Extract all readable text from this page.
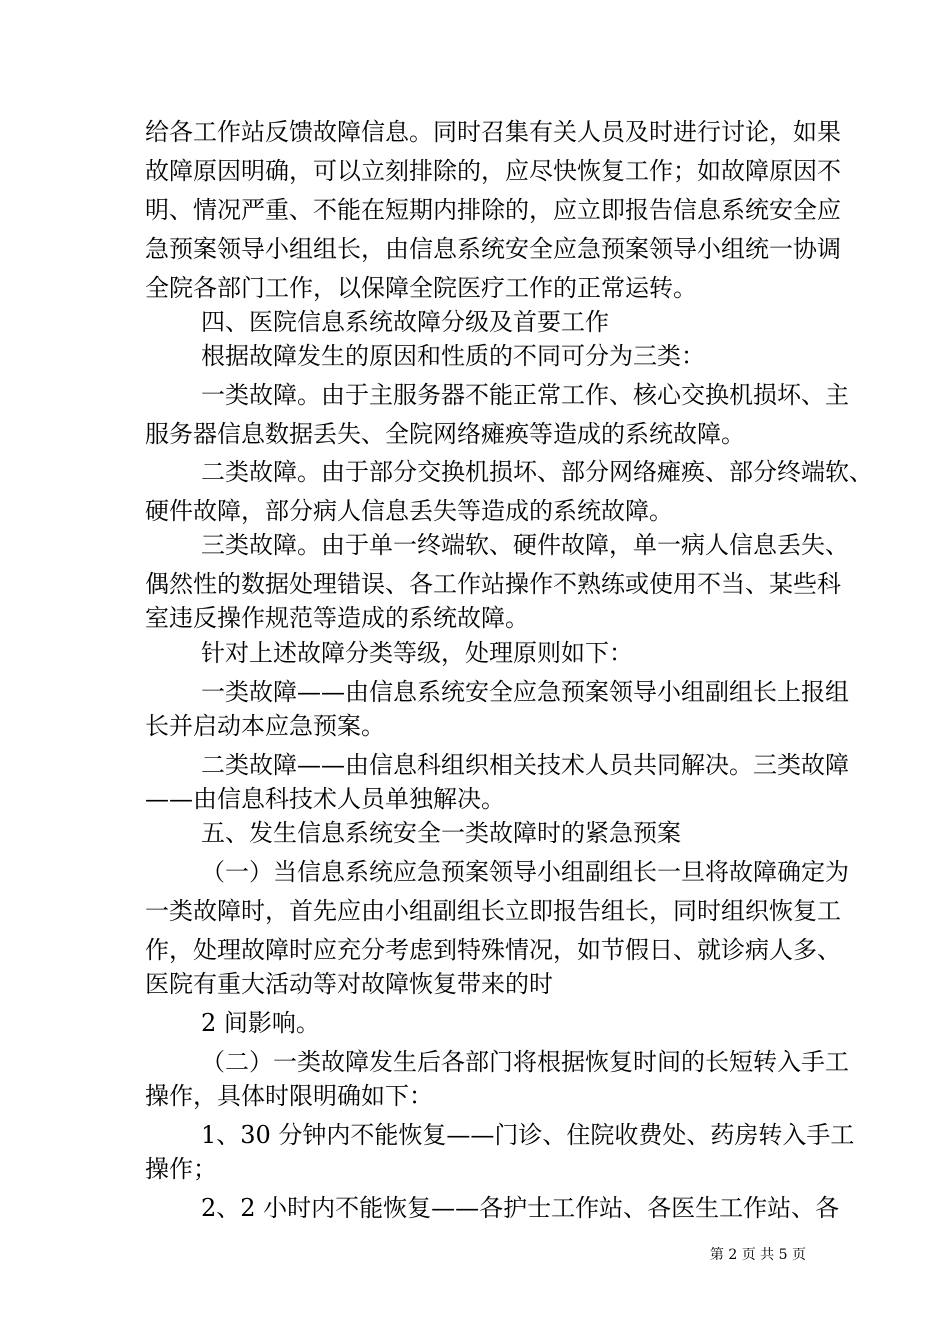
给各工作站反馈故障信息。同时召集有关人员及时进行讨论，如果
故障原因明确，可以立刻排除的，应尽快恢复工作；如故障原因不
明、情况严重、不能在短期内排除的，应立即报告信息系统安全应
急预案领导小组组长，由信息系统安全应急预案领导小组统一协调
全院各部门工作，以保障全院医疗工作的正常运转。
四、医院信息系统故障分级及首要工作
根据故障发生的原因和性质的不同可分为三类：
一类故障。由于主服务器不能正常工作、核心交换机损坏、主
服务器信息数据丢失、全院网络瘫痪等造成的系统故障。
二类故障。由于部分交换机损坏、部分网络瘫痪、部分终端软、
硬件故障，部分病人信息丢失等造成的系统故障。
三类故障。由于单一终端软、硬件故障，单一病人信息丢失、
偶然性的数据处理错误、各工作站操作不熟练或使用不当、某些科
室违反操作规范等造成的系统故障。
针对上述故障分类等级，处理原则如下：
一类故障——由信息系统安全应急预案领导小组副组长上报组
长并启动本应急预案。
二类故障——由信息科组织相关技术人员共同解决。三类故障
——由信息科技术人员单独解决。
五、发生信息系统安全一类故障时的紧急预案
（一）当信息系统应急预案领导小组副组长一旦将故障确定为
一类故障时，首先应由小组副组长立即报告组长，同时组织恢复工
作，处理故障时应充分考虑到特殊情况，如节假日、就诊病人多、
医院有重大活动等对故障恢复带来的时
2 间影响。
（二）一类故障发生后各部门将根据恢复时间的长短转入手工
操作，具体时限明确如下：
1、30 分钟内不能恢复——门诊、住院收费处、药房转入手工
操作；
2、2 小时内不能恢复——各护士工作站、各医生工作站、各
第 2 页 共 5 页
